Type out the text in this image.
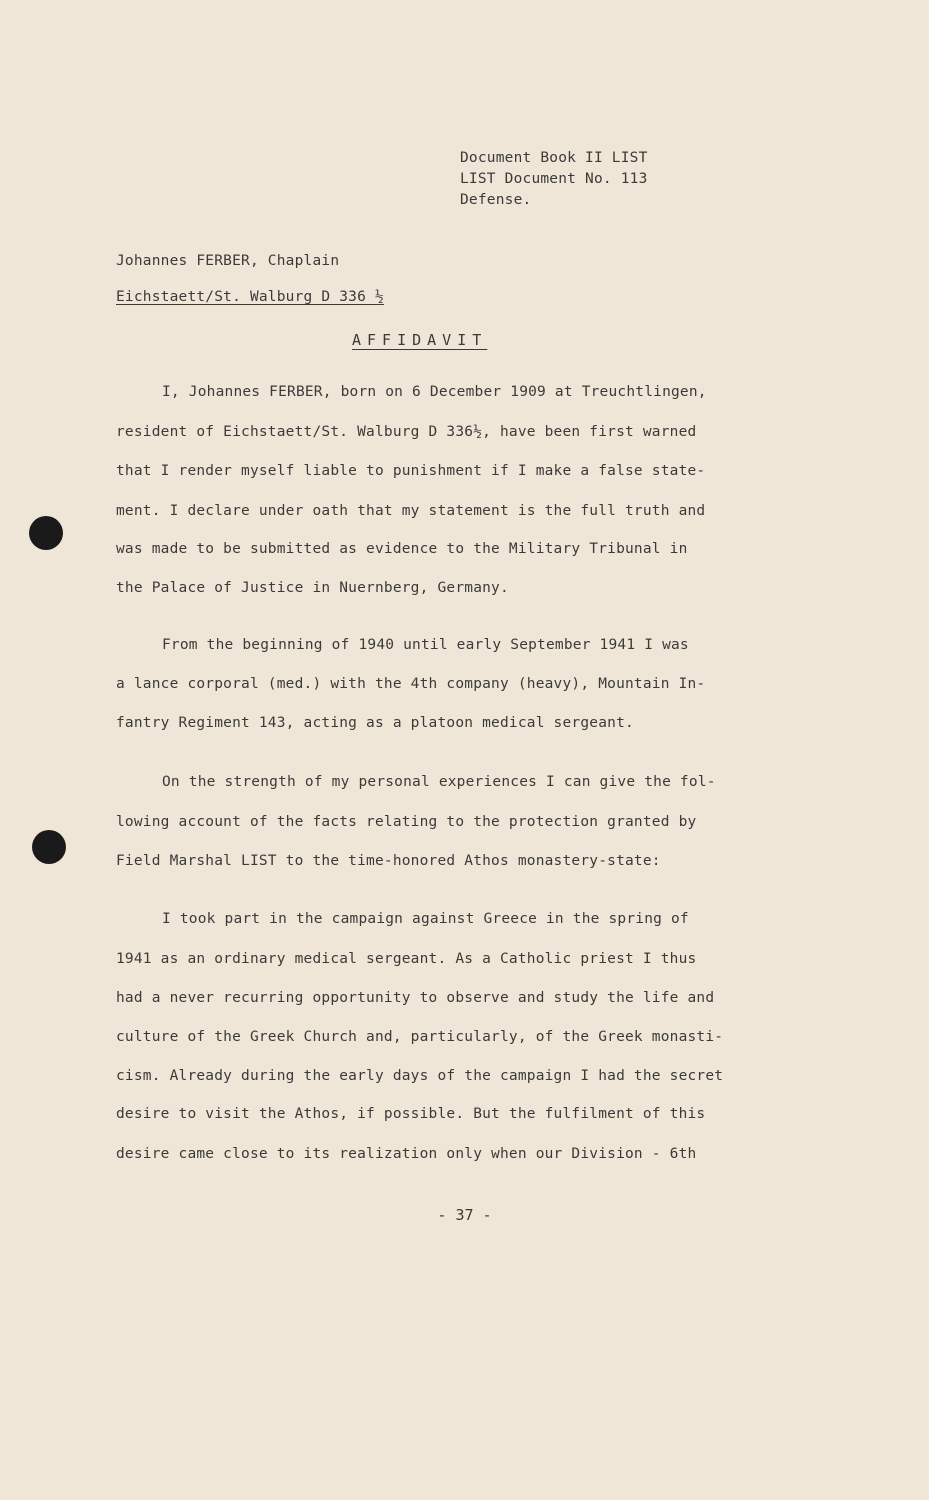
Document Book II LIST
LIST Document No. 113
Defense.
Johannes FERBER, Chaplain
Eichstaett/St. Walburg D 336 ½
AFFIDAVIT
I, Johannes FERBER, born on 6 December 1909 at Treuchtlingen,
resident of Eichstaett/St. Walburg D 336½, have been first warned
that I render myself liable to punishment if I make a false state-
ment. I declare under oath that my statement is the full truth and
was made to be submitted as evidence to the Military Tribunal in
the Palace of Justice in Nuernberg, Germany.
From the beginning of 1940 until early September 1941 I was
a lance corporal (med.) with the 4th company (heavy), Mountain In-
fantry Regiment 143, acting as a platoon medical sergeant.
On the strength of my personal experiences I can give the fol-
lowing account of the facts relating to the protection granted by
Field Marshal LIST to the time-honored Athos monastery-state:
I took part in the campaign against Greece in the spring of
1941 as an ordinary medical sergeant. As a Catholic priest I thus
had a never recurring opportunity to observe and study the life and
culture of the Greek Church and, particularly, of the Greek monasti-
cism. Already during the early days of the campaign I had the secret
desire to visit the Athos, if possible. But the fulfilment of this
desire came close to its realization only when our Division - 6th
- 37 -
